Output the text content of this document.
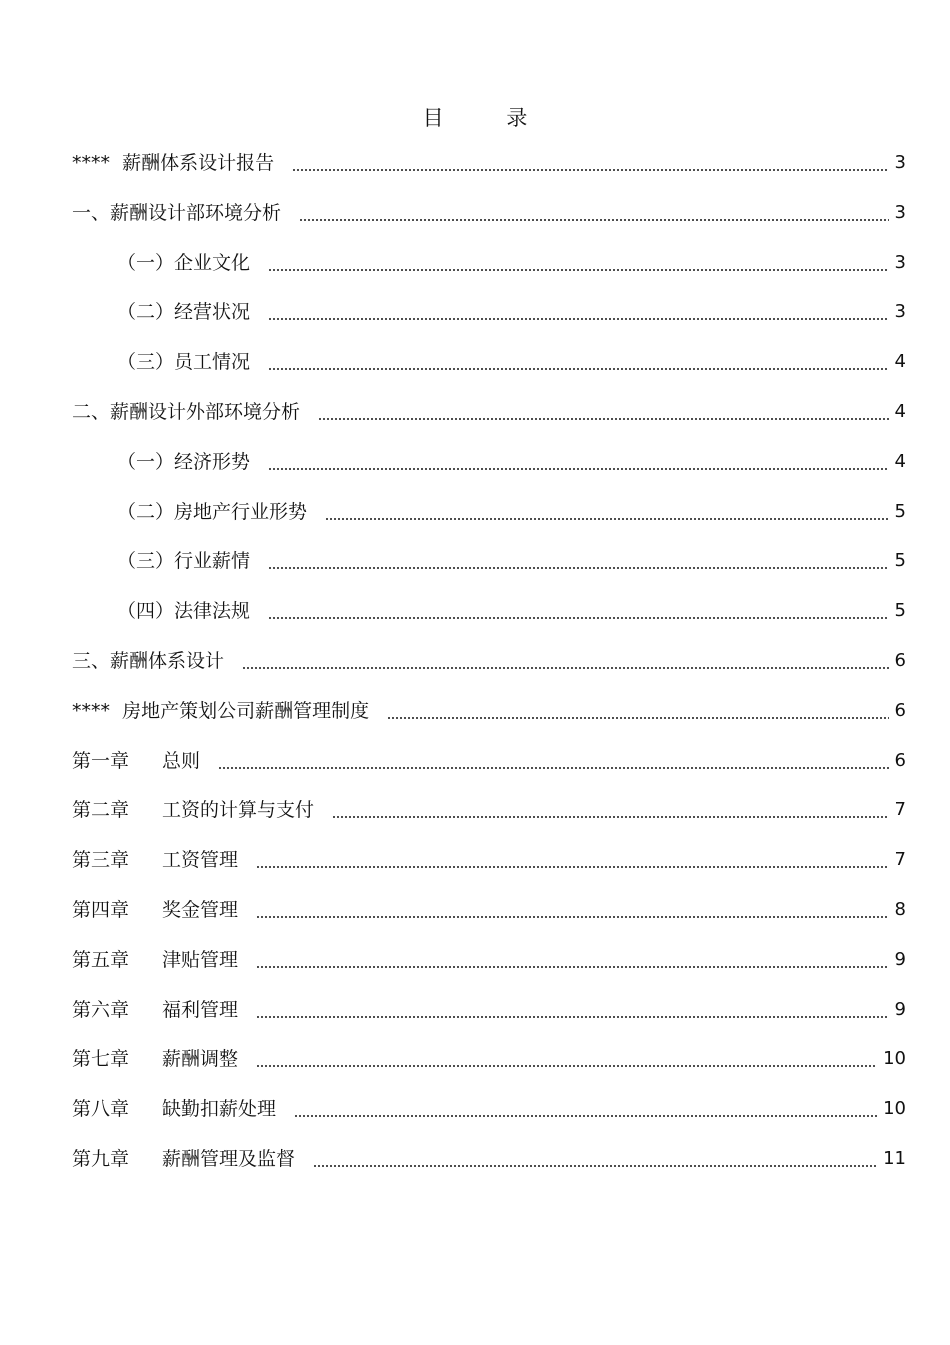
目 录
****  薪酬体系设计报告	3
一、薪酬设计部环境分析	3
（一）企业文化	3
（二）经营状况	3
（三）员工情况	4
二、薪酬设计外部环境分析	4
（一）经济形势	4
（二）房地产行业形势	5
（三）行业薪情	5
（四）法律法规	5
三、薪酬体系设计	6
****  房地产策划公司薪酬管理制度	6
第一章	总则	6
第二章	工资的计算与支付	7
第三章	工资管理	7
第四章	奖金管理	8
第五章	津贴管理	9
第六章	福利管理	9
第七章	薪酬调整	10
第八章	缺勤扣薪处理	10
第九章	薪酬管理及监督	11
